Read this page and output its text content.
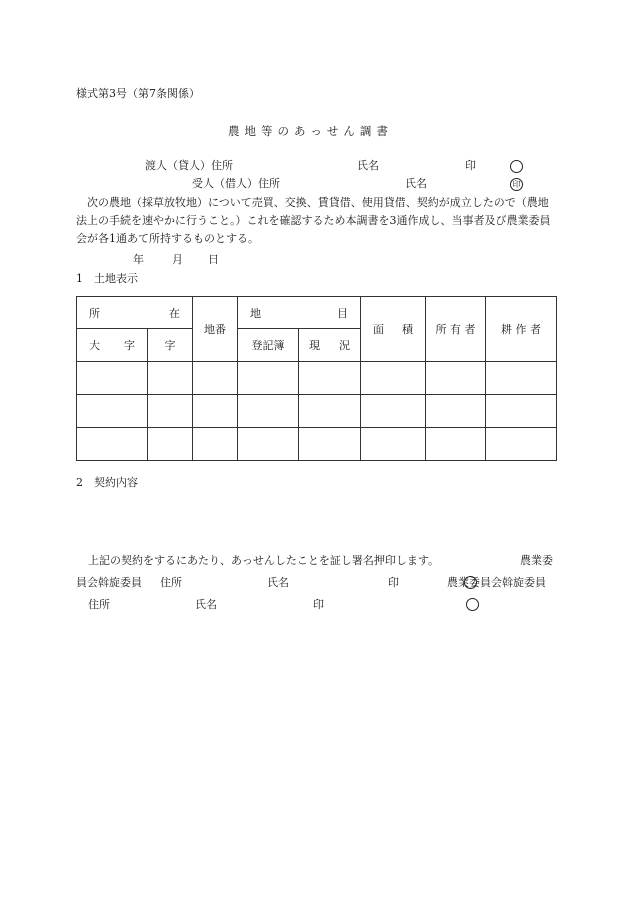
様式第3号（第7条関係）
農地等のあっせん調書
渡人（貸人）住所	氏名	印
受人（借人）住所	氏名	印
次の農地（採草放牧地）について売買、交換、賃貸借、使用貸借、契約が成立したので（農地法上の手続を速やかに行うこと。）これを確認するため本調書を3通作成し、当事者及び農業委員会が各1通あて所持するものとする。
年	月 日
1　土地表示
所 在		地番	地 目		面 積	所 有 者	耕 作 者

大 字	字		登記簿	現 況			

2　契約内容
上記の契約をするにあたり、あっせんしたことを証し署名押印します。	農業委
員会斡旋委員 住所	氏名	印	農業委員会斡旋委員
住所	氏名	印
